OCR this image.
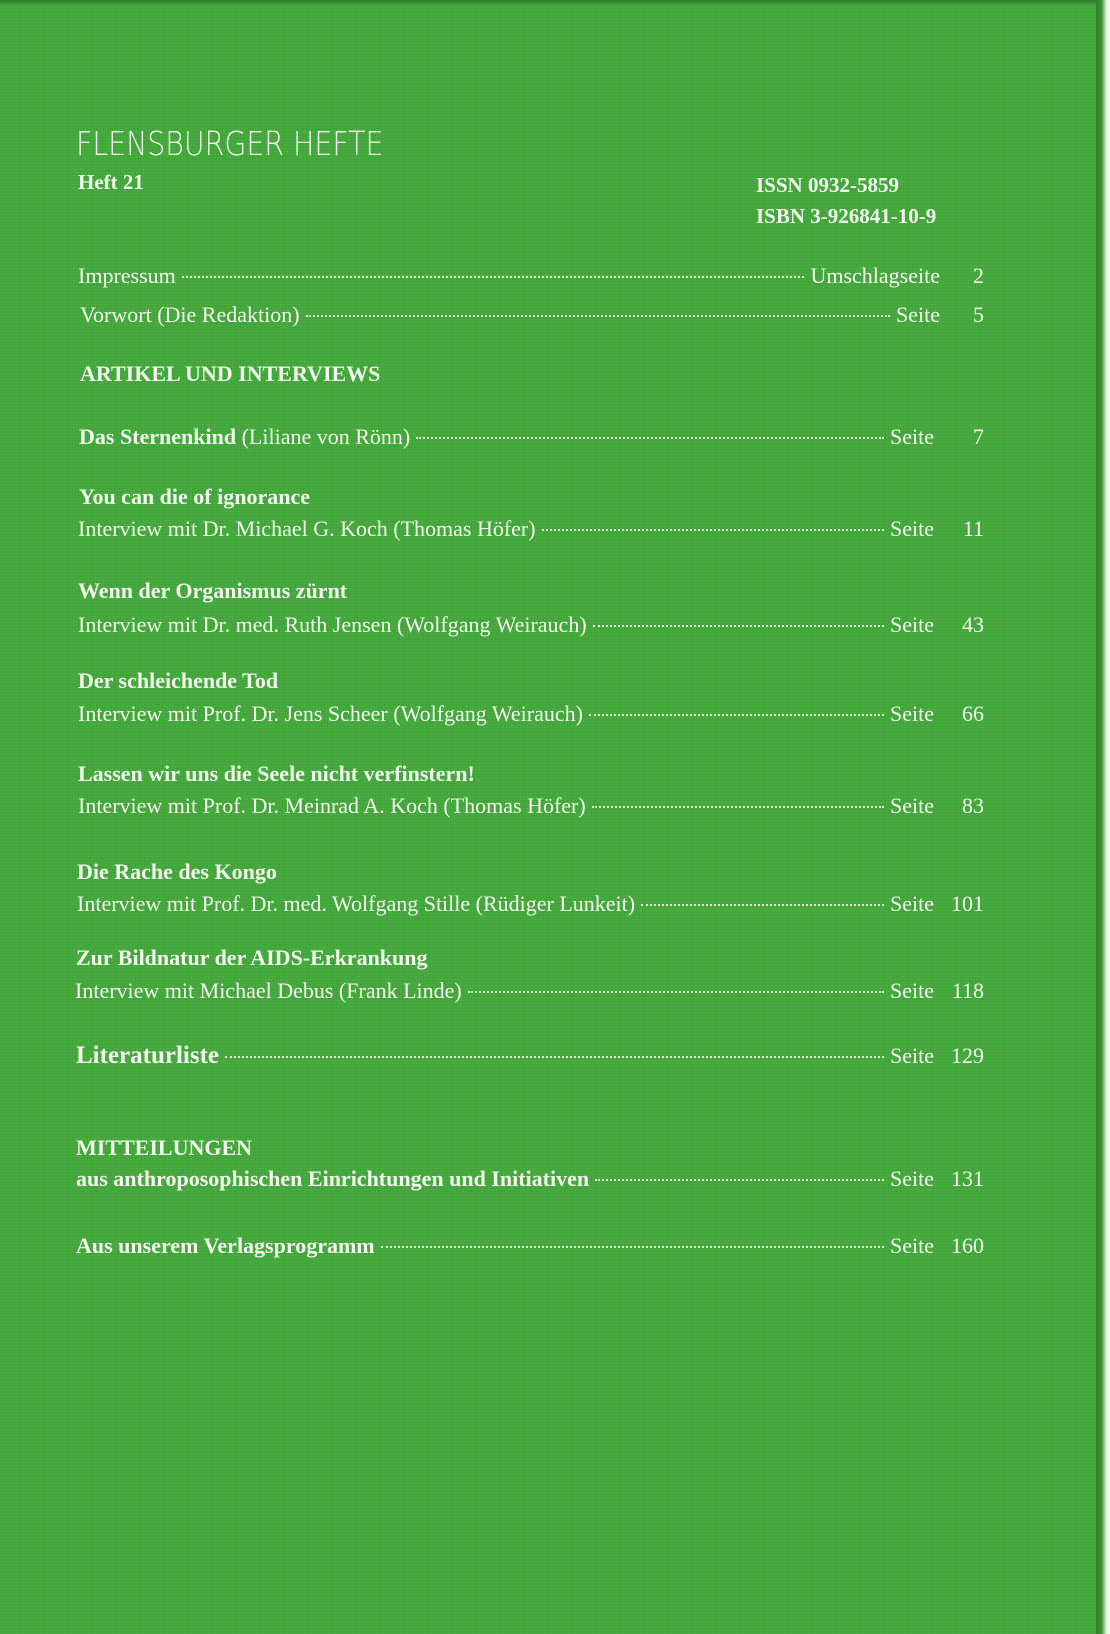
FLENSBURGER HEFTE
Heft 21	ISSN 0932-5859
ISBN 3-926841-10-9
Impressum	Umschlagseite	2
Vorwort (Die Redaktion)	Seite	5
ARTIKEL UND INTERVIEWS
Das Sternenkind (Liliane von Rönn)	Seite	7
You can die of ignorance
Interview mit Dr. Michael G. Koch (Thomas Höfer)	Seite	11
Wenn der Organismus zürnt
Interview mit Dr. med. Ruth Jensen (Wolfgang Weirauch)	Seite	43
Der schleichende Tod
Interview mit Prof. Dr. Jens Scheer (Wolfgang Weirauch)	Seite	66
Lassen wir uns die Seele nicht verfinstern!
Interview mit Prof. Dr. Meinrad A. Koch (Thomas Höfer)	Seite	83
Die Rache des Kongo
Interview mit Prof. Dr. med. Wolfgang Stille (Rüdiger Lunkeit)	Seite 101
Zur Bildnatur der AIDS-Erkrankung
Interview mit Michael Debus (Frank Linde)	Seite 118
Literaturliste	Seite 129
MITTEILUNGEN
aus anthroposophischen Einrichtungen und Initiativen	Seite 131
Aus unserem Verlagsprogramm	Seite 160
